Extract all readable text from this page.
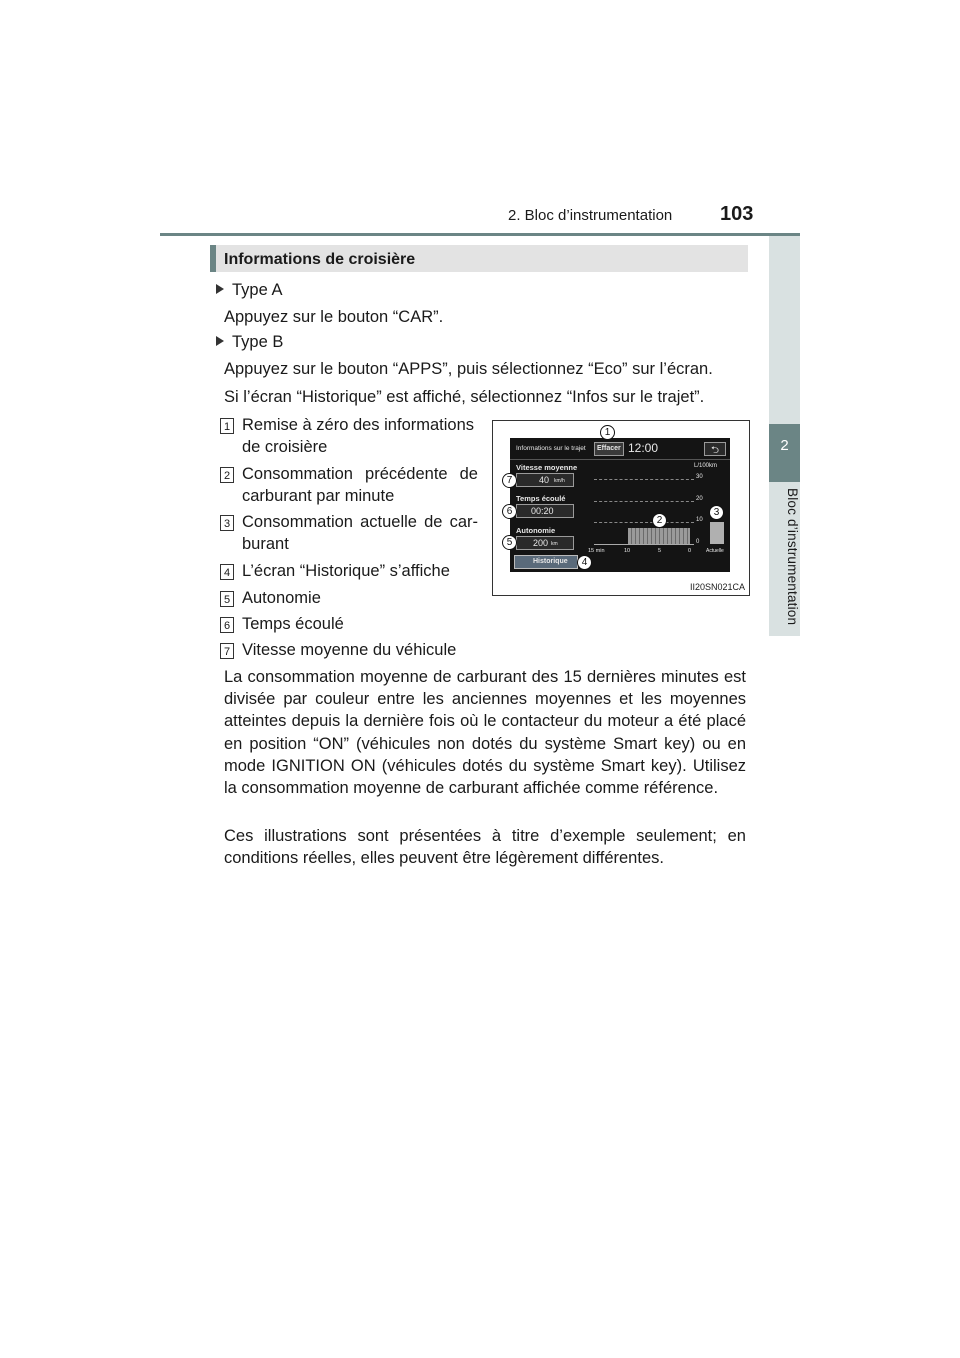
2. Bloc d’instrumentation 103
2
Bloc d’instrumentation
Informations de croisière
Type A
Appuyez sur le bouton “CAR”.
Type B
Appuyez sur le bouton “APPS”, puis sélectionnez “Eco” sur l’écran.
Si l’écran “Historique” est affiché, sélectionnez “Infos sur le trajet”.
1 Remise à zéro des informations
de croisière
2 Consommation précédente de
carburant par minute
3 Consommation actuelle de car-
burant
4 L’écran “Historique” s’affiche
5 Autonomie
6 Temps écoulé
7 Vitesse moyenne du véhicule
La consommation moyenne de carburant des 15 dernières minutes est divisée par couleur entre les anciennes moyennes et les moyennes atteintes depuis la dernière fois où le contacteur du moteur a été placé en position “ON” (véhicules non dotés du système Smart key) ou en mode IGNITION ON (véhicules dotés du système Smart key). Utilisez la consommation moyenne de carburant affichée comme référence.
Ces illustrations sont présentées à titre d’exemple seulement; en conditions réelles, elles peuvent être légèrement différentes.
Informations sur le trajet Effacer 12:00	⮌
Vitesse moyenne
40 km/h
Temps écoulé
00:20
Autonomie
200 km
Historique
L/100km
30
20
10
0
15 min	10	5	0	Actuelle
1
2
3
4
5
6
7
II20SN021CA
